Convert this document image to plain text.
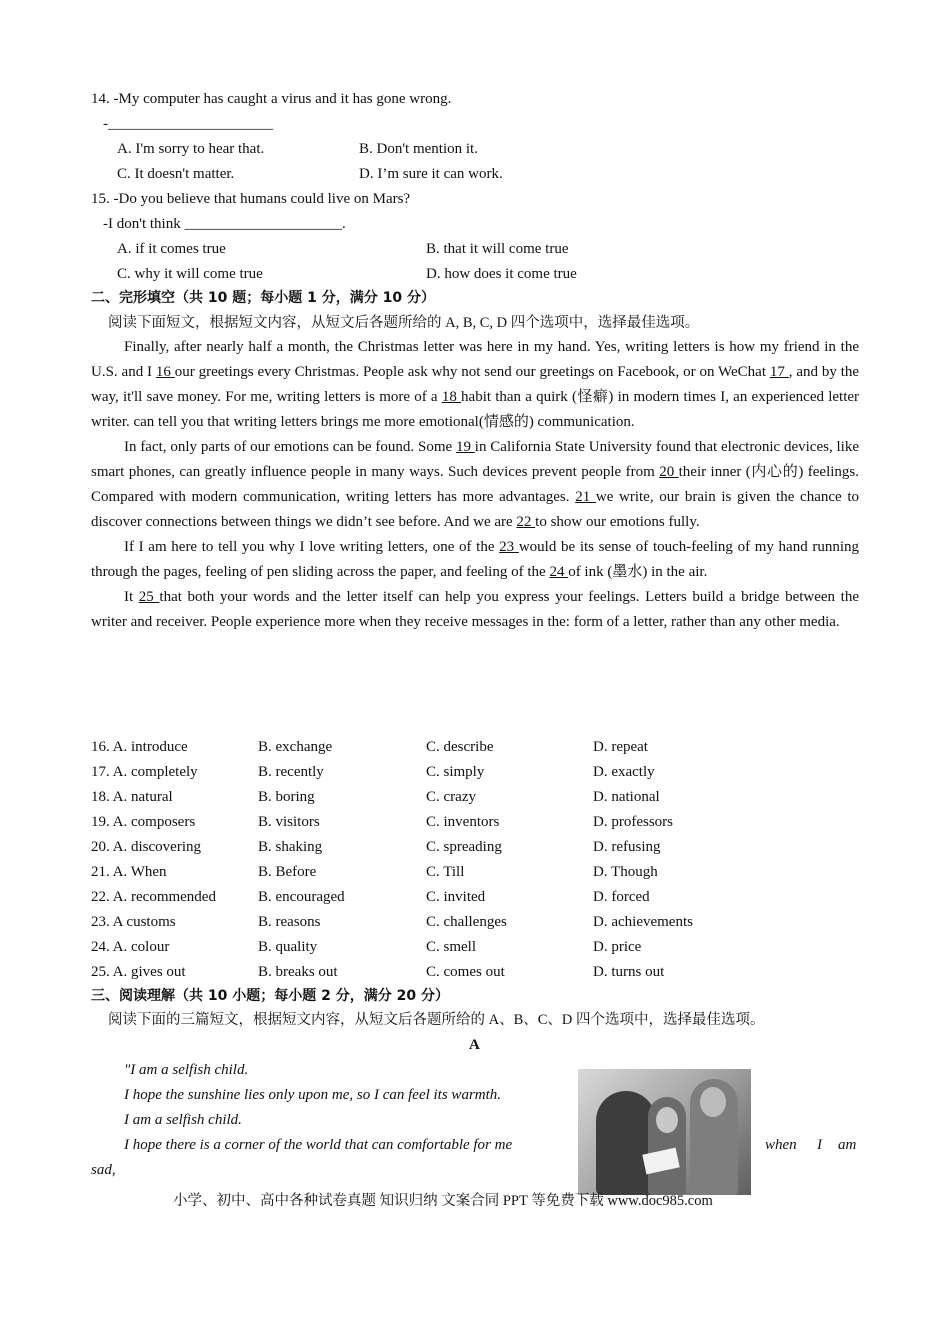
14. -My computer has caught a virus and it has gone wrong.
-______________________
A. I'm sorry to hear that.	B. Don't mention it.
C. It doesn't matter.	D. I’m sure it can work.
15. -Do you believe that humans could live on Mars?
-I don't think _____________________.
A. if it comes true	B. that it will come true
C. why it will come true	D. how does it come true
二、完形填空（共 10 题；每小题 1 分，满分 10 分）
阅读下面短文，根据短文内容，从短文后各题所给的 A, B, C, D 四个选项中，选择最佳选项。

Finally, after nearly half a month, the Christmas letter was here in my hand. Yes, writing letters is how my friend in the U.S. and I 16 our greetings every Christmas. People ask why not send our greetings on Facebook, or on WeChat 17 , and by the way, it'll save money. For me, writing letters is more of a 18 habit than a quirk (怪癖) in modern times I, an experienced letter writer. can tell you that writing letters brings me more emotional(情感的) communication.

In fact, only parts of our emotions can be found. Some 19 in California State University found that electronic devices, like smart phones, can greatly influence people in many ways. Such devices prevent people from 20 their inner (内心的) feelings. Compared with modern communication, writing letters has more advantages. 21 we write, our brain is given the chance to discover connections between things we didn’t see before. And we are 22 to show our emotions fully.

If I am here to tell you why I love writing letters, one of the 23 would be its sense of touch-feeling of my hand running through the pages, feeling of pen sliding across the paper, and feeling of the 24 of ink (墨水) in the air.

It 25 that both your words and the letter itself can help you express your feelings. Letters build a bridge between the writer and receiver. People experience more when they receive messages in the: form of a letter, rather than any other media.

16. A. introduce	B. exchange	C. describe	D. repeat
17. A. completely	B. recently	C. simply	D. exactly
18. A. natural	B. boring	C. crazy	D. national
19. A. composers	B. visitors	C. inventors	D. professors
20. A. discovering	B. shaking	C. spreading	D. refusing
21. A. When	B. Before	C. Till	D. Though
22. A. recommended	B. encouraged	C. invited	D. forced
23. A customs	B. reasons	C. challenges	D. achievements
24. A. colour	B. quality	C. smell	D. price
25. A. gives out	B. breaks out	C. comes out	D. turns out
三、阅读理解（共 10 小题；每小题 2 分，满分 20 分）
阅读下面的三篇短文，根据短文内容，从短文后各题所给的 A、B、C、D 四个选项中，选择最佳选项。
A
"I am a selfish child.
I hope the sunshine lies only upon me, so I can feel its warmth.
I am a selfish child.
I hope there is a corner of the world that can comfortable for me	when I am
sad,
小学、初中、高中各种试卷真题 知识归纳 文案合同 PPT 等免费下载 www.doc985.com
